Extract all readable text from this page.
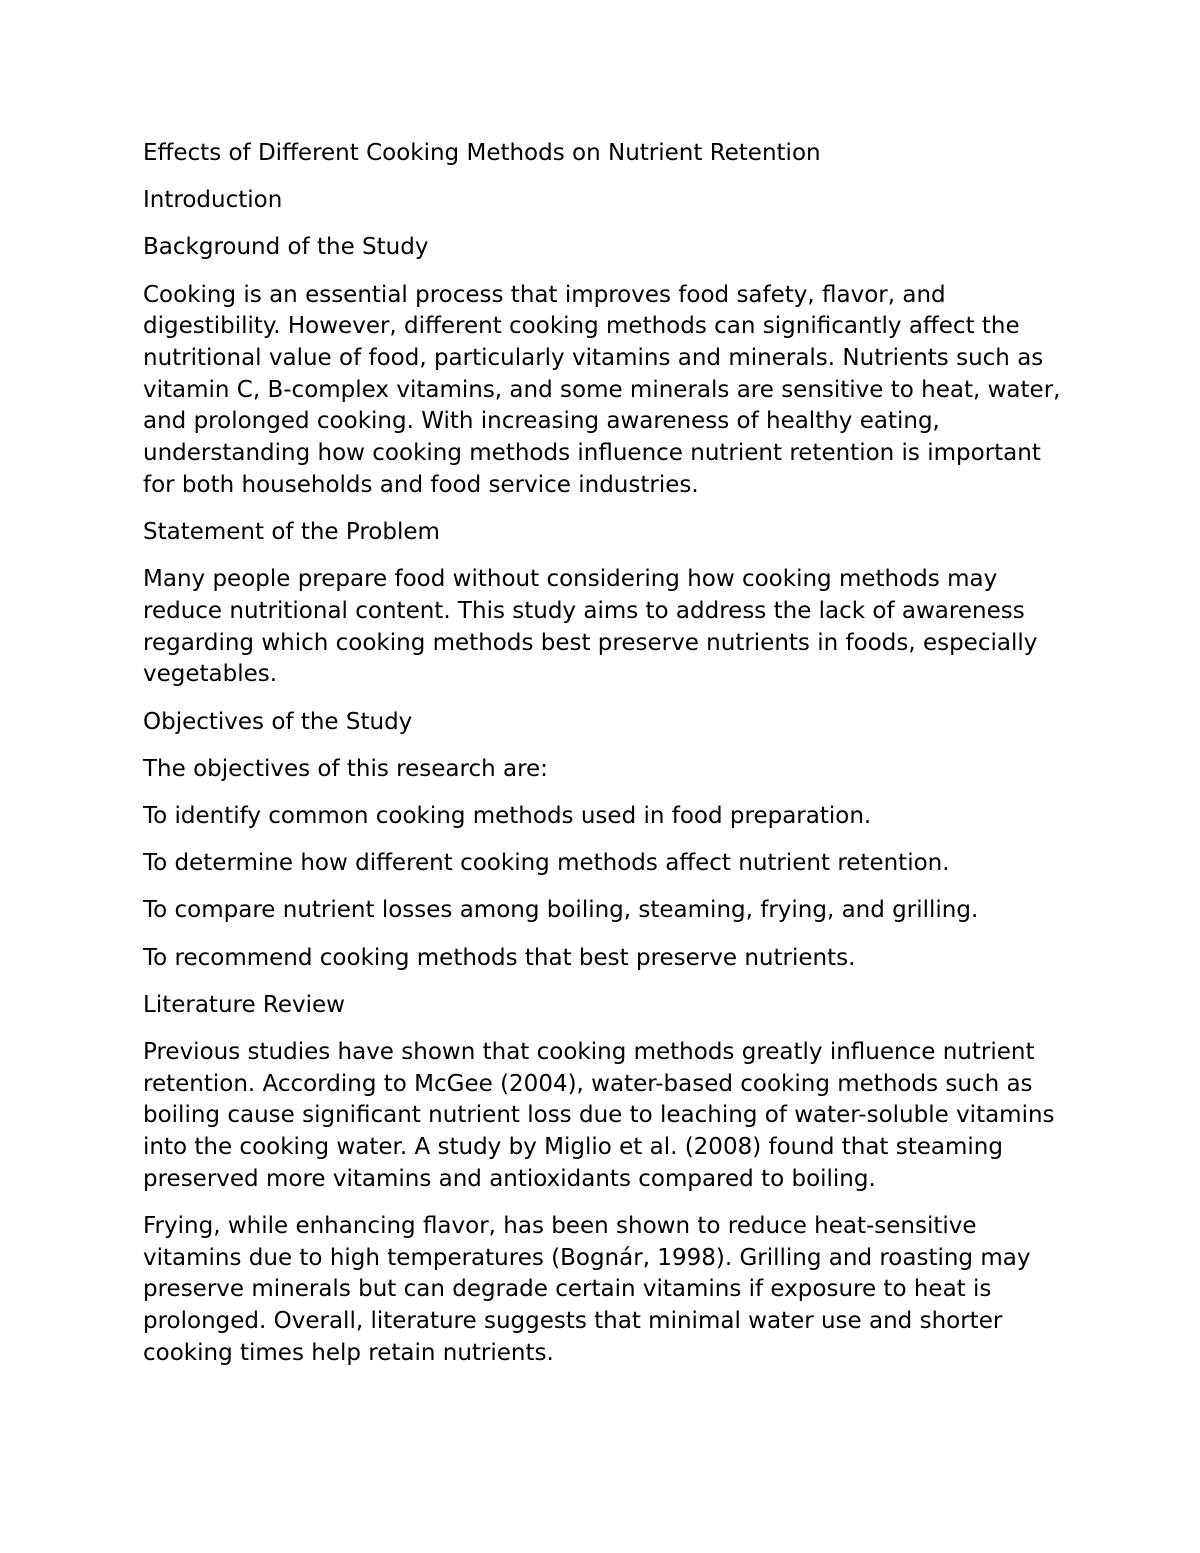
Effects of Different Cooking Methods on Nutrient Retention

Introduction

Background of the Study

Cooking is an essential process that improves food safety, flavor, and digestibility. However, different cooking methods can significantly affect the nutritional value of food, particularly vitamins and minerals. Nutrients such as vitamin C, B-complex vitamins, and some minerals are sensitive to heat, water, and prolonged cooking. With increasing awareness of healthy eating, understanding how cooking methods influence nutrient retention is important for both households and food service industries.

Statement of the Problem

Many people prepare food without considering how cooking methods may reduce nutritional content. This study aims to address the lack of awareness regarding which cooking methods best preserve nutrients in foods, especially vegetables.

Objectives of the Study

The objectives of this research are:

To identify common cooking methods used in food preparation.

To determine how different cooking methods affect nutrient retention.

To compare nutrient losses among boiling, steaming, frying, and grilling.

To recommend cooking methods that best preserve nutrients.

Literature Review

Previous studies have shown that cooking methods greatly influence nutrient retention. According to McGee (2004), water-based cooking methods such as boiling cause significant nutrient loss due to leaching of water-soluble vitamins into the cooking water. A study by Miglio et al. (2008) found that steaming preserved more vitamins and antioxidants compared to boiling.

Frying, while enhancing flavor, has been shown to reduce heat-sensitive vitamins due to high temperatures (Bognár, 1998). Grilling and roasting may preserve minerals but can degrade certain vitamins if exposure to heat is prolonged. Overall, literature suggests that minimal water use and shorter cooking times help retain nutrients.
